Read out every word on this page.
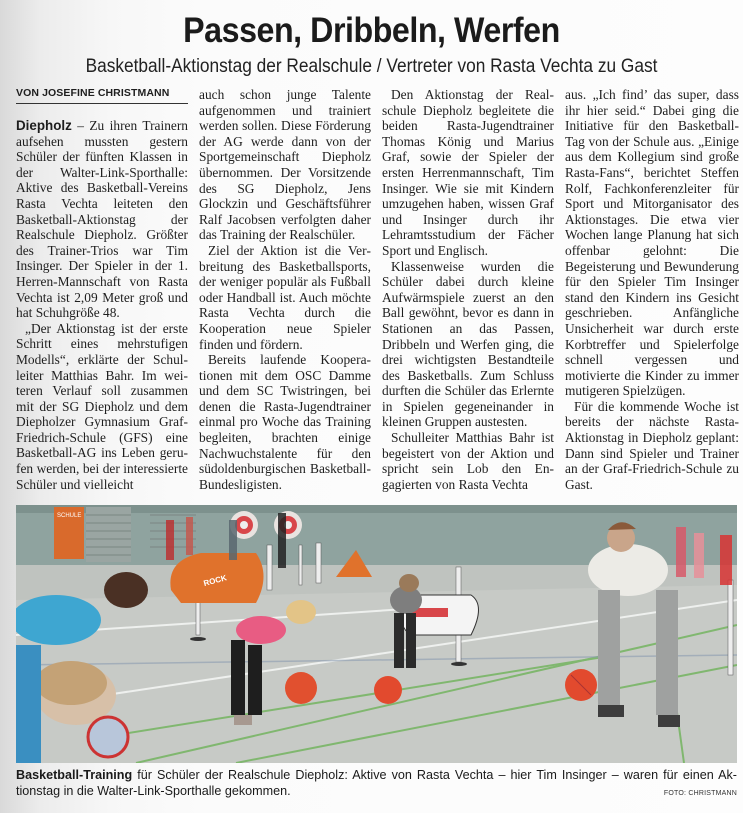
Passen, Dribbeln, Werfen
Basketball-Aktionstag der Realschule / Vertreter von Rasta Vechta zu Gast
VON JOSEFINE CHRISTMANN

Diepholz – Zu ihren Trainern aufsehen mussten gestern Schüler der fünften Klassen in der Walter-Link-Sporthalle: Aktive des Basketball-Vereins Rasta Vechta leiteten den Basketball-Aktionstag der Realschule Diepholz. Größter des Trainer-Trios war Tim Insinger. Der Spieler in der 1. Herren-Mannschaft von Rasta Vechta ist 2,09 Meter groß und hat Schuhgröße 48.

„Der Aktionstag ist der erste Schritt eines mehrstufigen Modells“, erklärte der Schulleiter Matthias Bahr. Im weiteren Verlauf soll zusammen mit der SG Diepholz und dem Diepholzer Gymnasium Graf-Friedrich-Schule (GFS) eine Basketball-AG ins Leben gerufen werden, bei der interessierte Schüler und vielleicht

auch schon junge Talente aufgenommen und trainiert werden sollen. Diese Förderung der AG werde dann von der Sportgemeinschaft Diepholz übernommen. Der Vorsitzende des SG Diepholz, Jens Glockzin und Geschäftsführer Ralf Jacobsen verfolgten daher das Training der Realschüler.

Ziel der Aktion ist die Verbreitung des Basketballsports, der weniger populär als Fußball oder Handball ist. Auch möchte Rasta Vechta durch die Kooperation neue Spieler finden und fördern.

Bereits laufende Kooperationen mit dem OSC Damme und dem SC Twistringen, bei denen die Rasta-Jugendtrainer einmal pro Woche das Training begleiten, brachten einige Nachwuchstalente für den südoldenburgischen Basketball-Bundesligisten.

Den Aktionstag der Realschule Diepholz begleitete die beiden Rasta-Jugendtrainer Thomas König und Marius Graf, sowie der Spieler der ersten Herrenmannschaft, Tim Insinger. Wie sie mit Kindern umzugehen haben, wissen Graf und Insinger durch ihr Lehramtsstudium der Fächer Sport und Englisch.

Klassenweise wurden die Schüler dabei durch kleine Aufwärmspiele zuerst an den Ball gewöhnt, bevor es dann in Stationen an das Passen, Dribbeln und Werfen ging, die drei wichtigsten Bestandteile des Basketballs. Zum Schluss durften die Schüler das Erlernte in Spielen gegeneinander in kleinen Gruppen austesten.

Schulleiter Matthias Bahr ist begeistert von der Aktion und spricht sein Lob den Engagierten von Rasta Vechta

aus. „Ich find’ das super, dass ihr hier seid.“ Dabei ging die Initiative für den Basketball-Tag von der Schule aus. „Einige aus dem Kollegium sind große Rasta-Fans“, berichtet Steffen Rolf, Fachkonferenzleiter für Sport und Mitorganisator des Aktionstages. Die etwa vier Wochen lange Planung hat sich offenbar gelohnt: Die Begeisterung und Bewunderung für den Spieler Tim Insinger stand den Kindern ins Gesicht geschrieben. Anfängliche Unsicherheit war durch erste Korbtreffer und Spielerfolge schnell vergessen und motivierte die Kinder zu immer mutigeren Spielzügen.

Für die kommende Woche ist bereits der nächste Rasta-Aktionstag in Diepholz geplant: Dann sind Spieler und Trainer an der Graf-Friedrich-Schule zu Gast.

SCHULE
ROCK
Basketball-Training für Schüler der Realschule Diepholz: Aktive von Rasta Vechta – hier Tim Insinger – waren für einen Aktionstag in die Walter-Link-Sporthalle gekommen.	FOTO: CHRISTMANN
